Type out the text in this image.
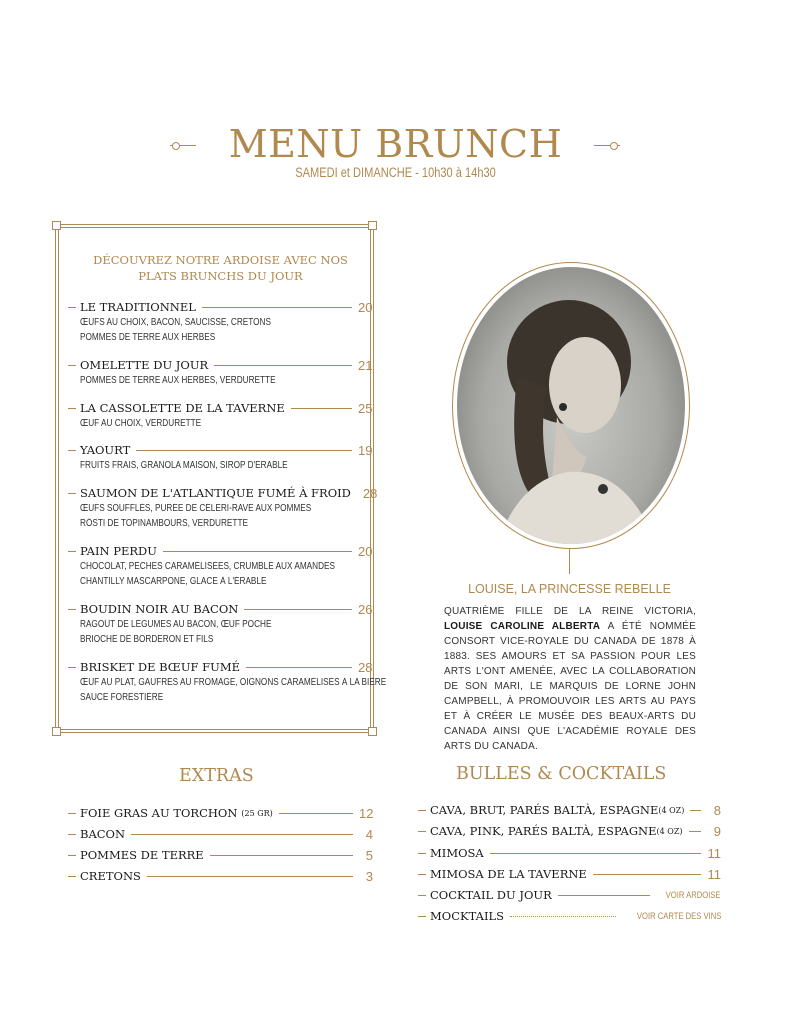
MENU BRUNCH
SAMEDI et DIMANCHE - 10h30 à 14h30
DÉCOUVREZ NOTRE ARDOISE AVEC NOS
PLATS BRUNCHS DU JOUR
LE TRADITIONNEL	20
ŒUFS AU CHOIX, BACON, SAUCISSE, CRETONS
POMMES DE TERRE AUX HERBES
OMELETTE DU JOUR	21
POMMES DE TERRE AUX HERBES, VERDURETTE
LA CASSOLETTE DE LA TAVERNE	25
ŒUF AU CHOIX, VERDURETTE
YAOURT	19
FRUITS FRAIS, GRANOLA MAISON, SIROP D'ÉRABLE
SAUMON DE L'ATLANTIQUE FUMÉ À FROID 28
ŒUFS SOUFFLÉS, PURÉE DE CÉLERI-RAVE AUX POMMES
RÖSTI DE TOPINAMBOURS, VERDURETTE
PAIN PERDU	20
CHOCOLAT, PÊCHES CARAMÉLISÉES, CRUMBLE AUX AMANDES
CHANTILLY MASCARPONE, GLACE À L'ÉRABLE
BOUDIN NOIR AU BACON	26
RAGOÛT DE LÉGUMES AU BACON, ŒUF POCHÉ
BRIOCHE DE BORDERON ET FILS
BRISKET DE BŒUF FUMÉ	28
ŒUF AU PLAT, GAUFRES AU FROMAGE, OIGNONS CARAMÉLISÉS À LA BIÈRE
SAUCE FORESTIÈRE
LOUISE, LA PRINCESSE REBELLE
QUATRIÈME FILLE DE LA REINE VICTORIA, LOUISE CAROLINE ALBERTA A ÉTÉ NOMMÉE CONSORT VICE-ROYALE DU CANADA DE 1878 À 1883. SES AMOURS ET SA PASSION POUR LES ARTS L'ONT AMENÉE, AVEC LA COLLABORATION DE SON MARI, LE MARQUIS DE LORNE JOHN CAMPBELL, À PROMOUVOIR LES ARTS AU PAYS ET À CRÉER LE MUSÉE DES BEAUX-ARTS DU CANADA AINSI QUE L'ACADÉMIE ROYALE DES ARTS DU CANADA.
EXTRAS
FOIE GRAS AU TORCHON
(25 GR)	12
BACON	4
POMMES DE TERRE	5
CRETONS	3
BULLES & COCKTAILS
CAVA, BRUT, PARÉS BALTÀ, ESPAGNE (4 OZ)	8
CAVA, PINK, PARÉS BALTÀ, ESPAGNE (4 OZ)	9
MIMOSA	11
MIMOSA DE LA TAVERNE	11
COCKTAIL DU JOUR	VOIR ARDOISE
MOCKTAILS	VOIR CARTE DES VINS
